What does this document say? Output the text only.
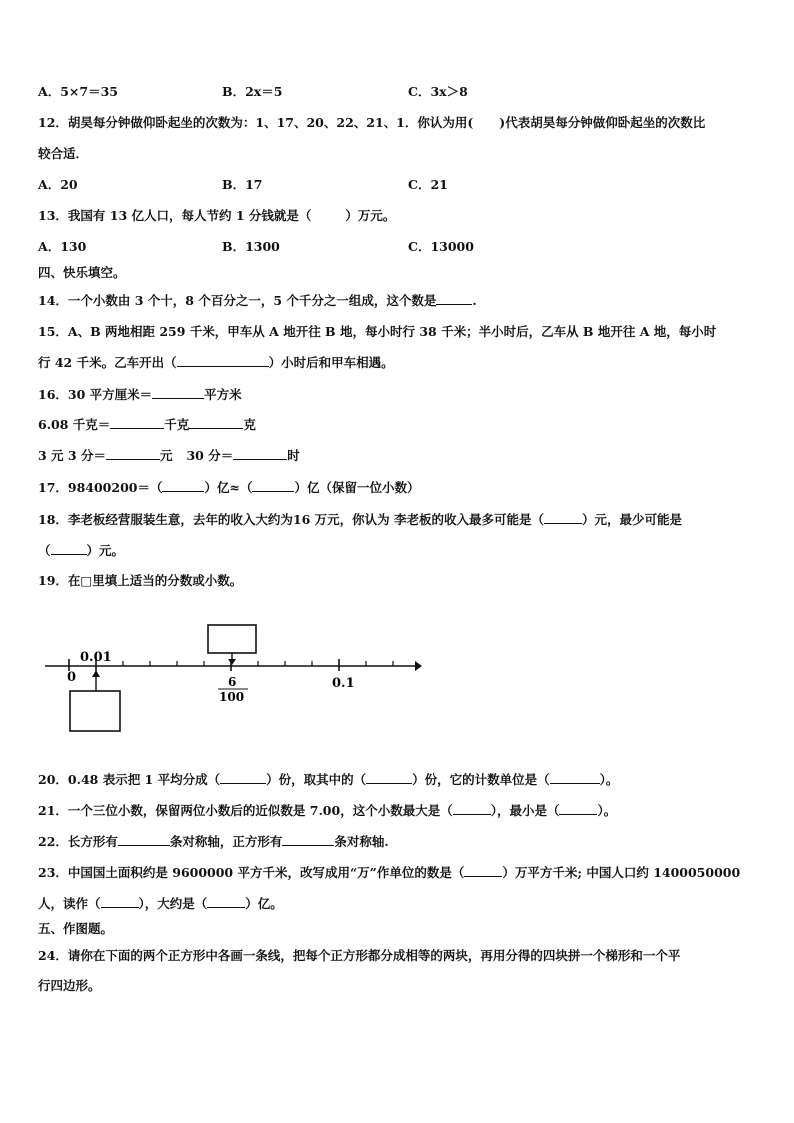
A．5×7＝35	B．2x＝5	C．3x＞8
12．胡昊每分钟做仰卧起坐的次数为：1、17、20、22、21、1．你认为用( )代表胡昊每分钟做仰卧起坐的次数比
较合适．
A．20	B．17	C．21
13．我国有 13 亿人口，每人节约 1 分钱就是（	）万元。
A．130	B．1300	C．13000
四、快乐填空。
14．一个小数由 3 个十，8 个百分之一，5 个千分之一组成，这个数是	.
15．A、B 两地相距 259 千米，甲车从 A 地开往 B 地，每小时行 38 千米；半小时后，乙车从 B 地开往 A 地，每小时
行 42 千米。乙车开出（	）小时后和甲车相遇。
16．30 平方厘米＝	平方米
6.08 千克＝	千克	克
3 元 3 分＝	元 30 分＝	时
17．98400200＝（	）亿≈（	）亿（保留一位小数）
18．李老板经营服装生意，去年的收入大约为16 万元，你认为 李老板的收入最多可能是（	）元，最少可能是
（	）元。
19．在□里填上适当的分数或小数。
0
0.01
6
100
0.1
20．0.48 表示把 1 平均分成（	）份，取其中的（	）份，它的计数单位是（	）。
21．一个三位小数，保留两位小数后的近似数是 7.00，这个小数最大是（	），最小是（	）。
22．长方形有	条对称轴，正方形有	条对称轴.
23．中国国土面积约是 9600000 平方千米，改写成用“万”作单位的数是（	）万平方千米; 中国人口约 1400050000
人，读作（	），大约是（	）亿。
五、作图题。
24．请你在下面的两个正方形中各画一条线，把每个正方形都分成相等的两块，再用分得的四块拼一个梯形和一个平
行四边形。
